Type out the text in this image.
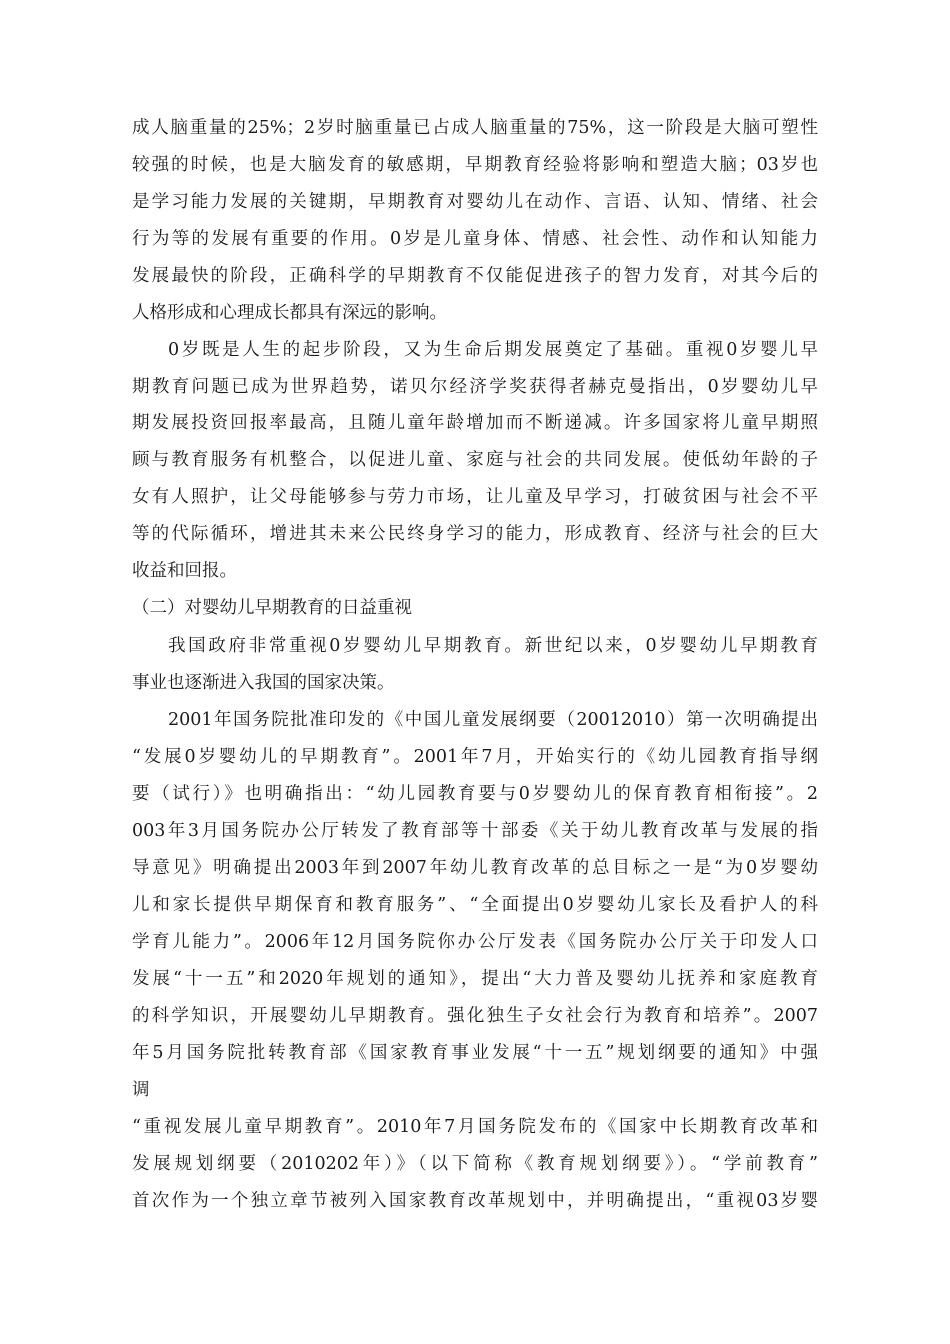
成人脑重量的25%；2岁时脑重量已占成人脑重量的75%，这一阶段是大脑可塑性
较强的时候，也是大脑发育的敏感期，早期教育经验将影响和塑造大脑；03岁也
是学习能力发展的关键期，早期教育对婴幼儿在动作、言语、认知、情绪、社会
行为等的发展有重要的作用。0岁是儿童身体、情感、社会性、动作和认知能力
发展最快的阶段，正确科学的早期教育不仅能促进孩子的智力发育，对其今后的
人格形成和心理成长都具有深远的影响。
0岁既是人生的起步阶段，又为生命后期发展奠定了基础。重视0岁婴儿早
期教育问题已成为世界趋势，诺贝尔经济学奖获得者赫克曼指出，0岁婴幼儿早
期发展投资回报率最高，且随儿童年龄增加而不断递减。许多国家将儿童早期照
顾与教育服务有机整合，以促进儿童、家庭与社会的共同发展。使低幼年龄的子
女有人照护，让父母能够参与劳力市场，让儿童及早学习，打破贫困与社会不平
等的代际循环，增进其未来公民终身学习的能力，形成教育、经济与社会的巨大
收益和回报。
（二）对婴幼儿早期教育的日益重视
我国政府非常重视0岁婴幼儿早期教育。新世纪以来，0岁婴幼儿早期教育
事业也逐渐进入我国的国家决策。
2001年国务院批准印发的《中国儿童发展纲要（20012010）第一次明确提出
“发展0岁婴幼儿的早期教育”。2001年7月，开始实行的《幼儿园教育指导纲
要（试行）》也明确指出：“幼儿园教育要与0岁婴幼儿的保育教育相衔接”。2
003年3月国务院办公厅转发了教育部等十部委《关于幼儿教育改革与发展的指
导意见》明确提出2003年到2007年幼儿教育改革的总目标之一是“为0岁婴幼
儿和家长提供早期保育和教育服务”、“全面提出0岁婴幼儿家长及看护人的科
学育儿能力”。2006年12月国务院你办公厅发表《国务院办公厅关于印发人口
发展“十一五”和2020年规划的通知》，提出“大力普及婴幼儿抚养和家庭教育
的科学知识，开展婴幼儿早期教育。强化独生子女社会行为教育和培养”。2007
年5月国务院批转教育部《国家教育事业发展“十一五”规划纲要的通知》中强
调
“重视发展儿童早期教育”。2010年7月国务院发布的《国家中长期教育改革和
发展规划纲要（2010202年）》（以下简称《教育规划纲要》）。“学前教育”
首次作为一个独立章节被列入国家教育改革规划中，并明确提出，“重视03岁婴
